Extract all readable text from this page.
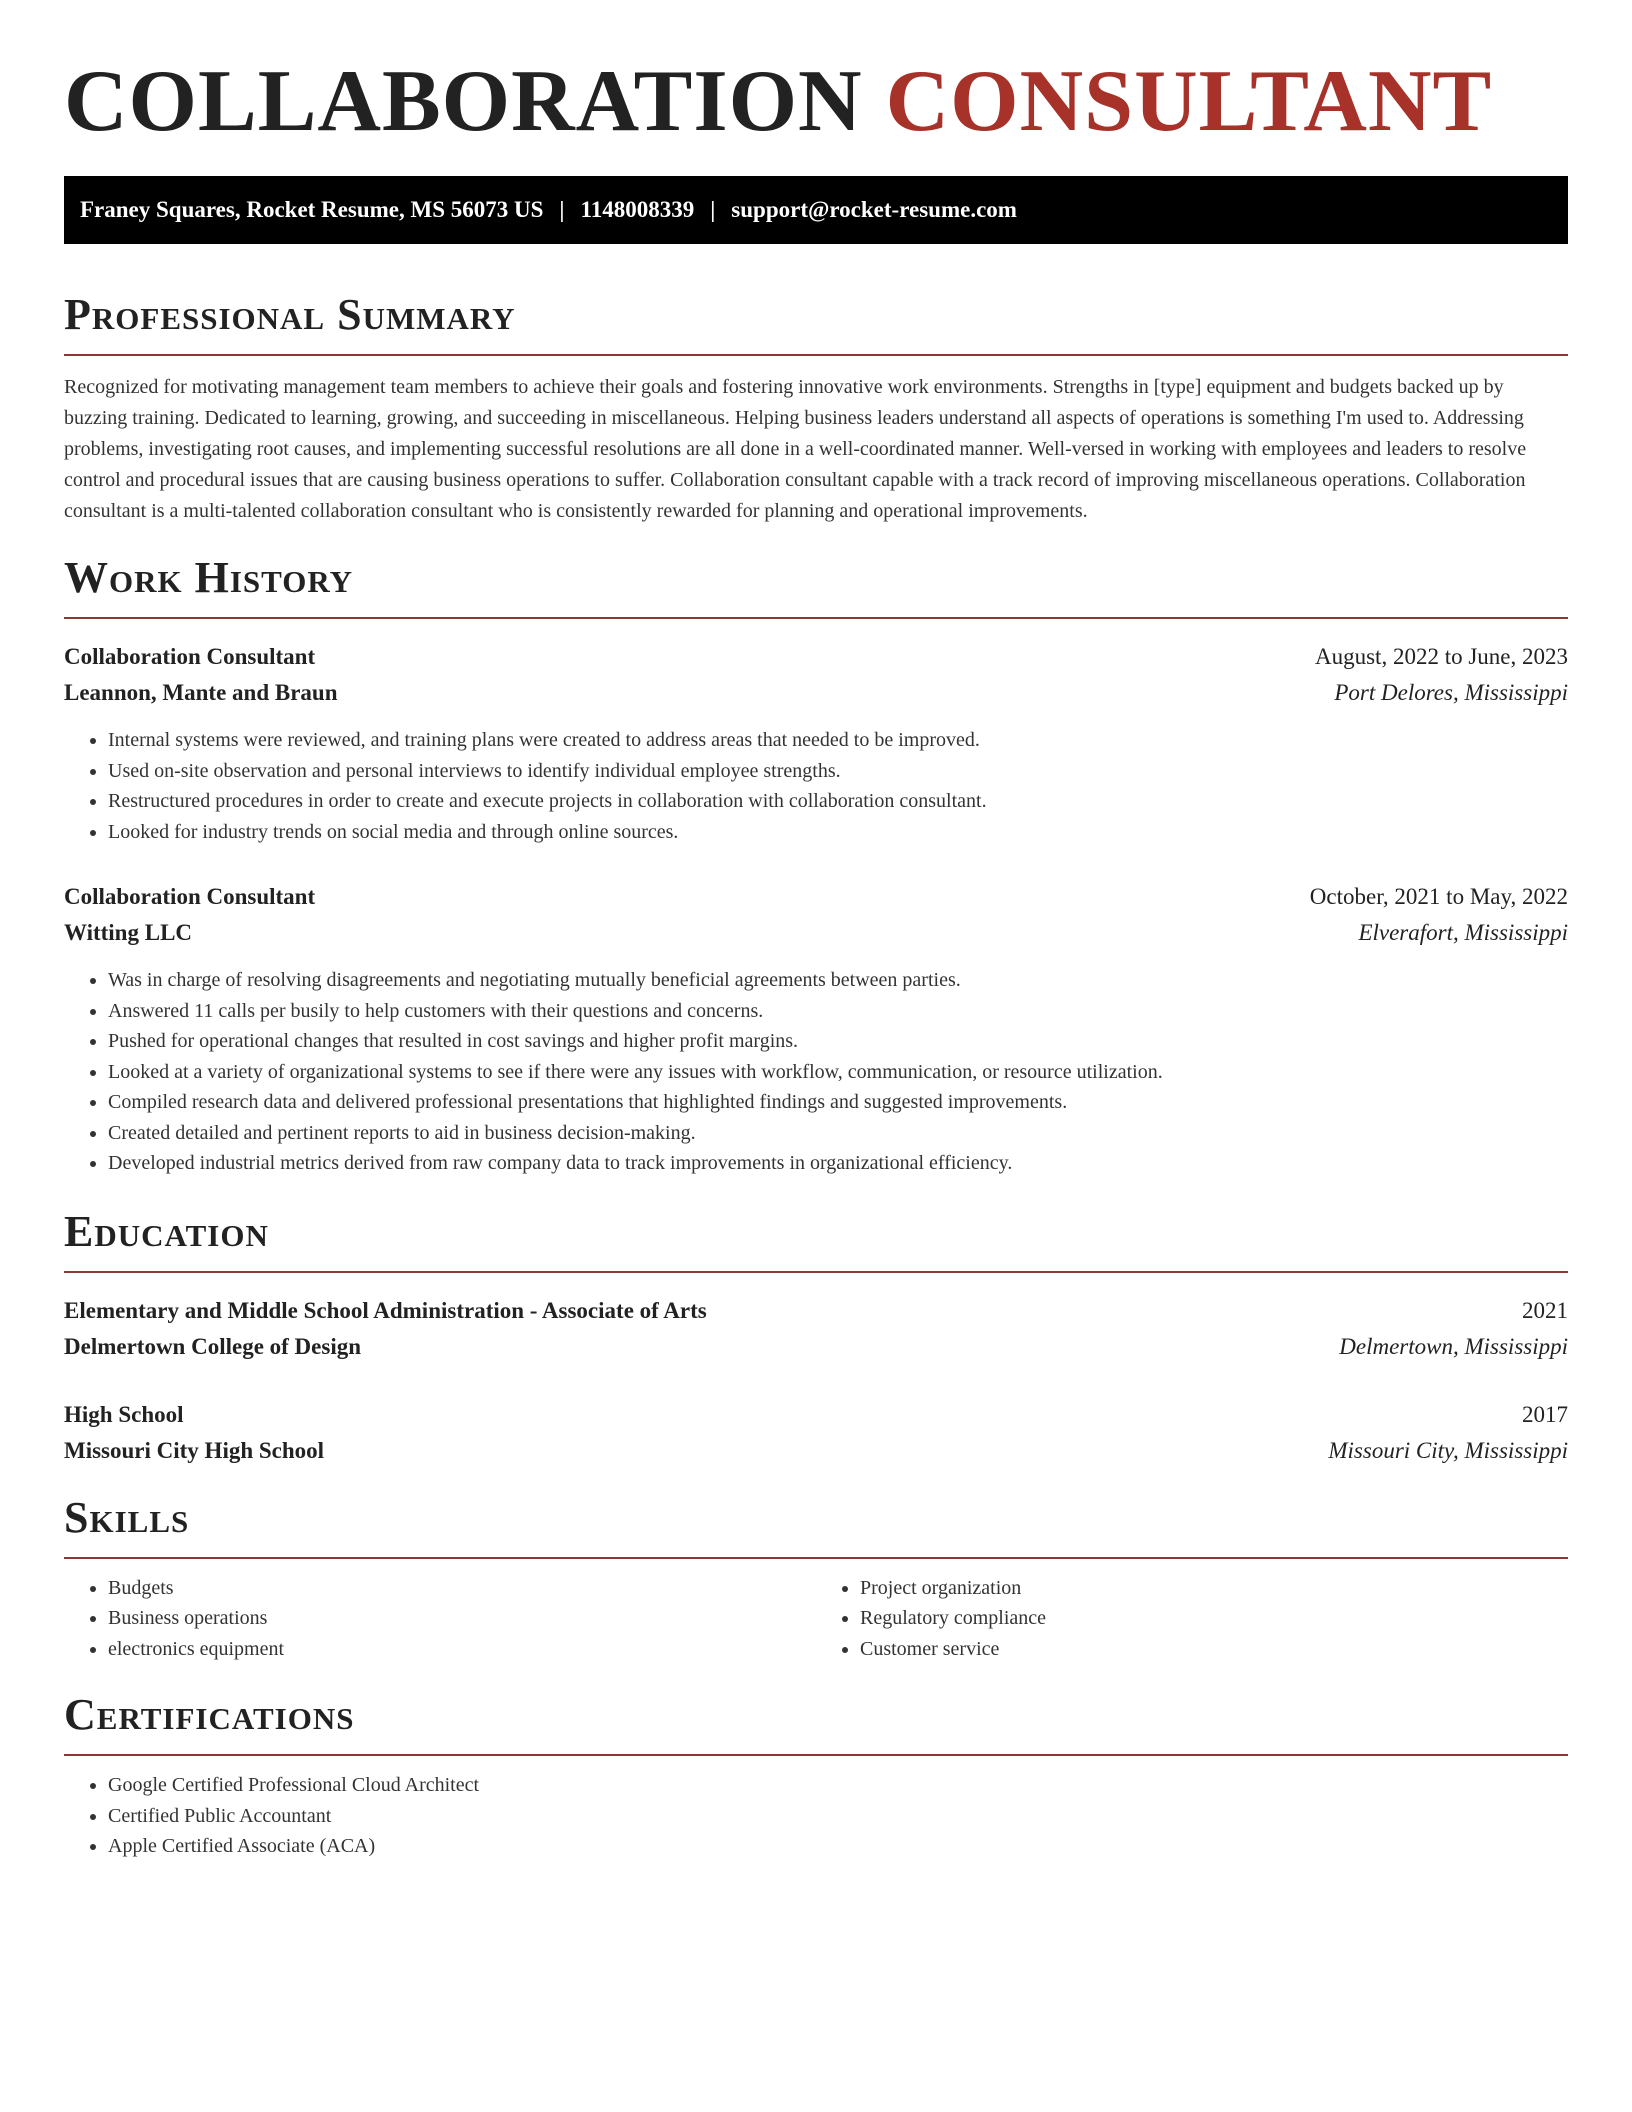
COLLABORATION CONSULTANT
Franey Squares, Rocket Resume, MS 56073 US | 1148008339 | support@rocket-resume.com
Professional Summary

Recognized for motivating management team members to achieve their goals and fostering innovative work environments. Strengths in [type] equipment and budgets backed up by buzzing training. Dedicated to learning, growing, and succeeding in miscellaneous. Helping business leaders understand all aspects of operations is something I'm used to. Addressing problems, investigating root causes, and implementing successful resolutions are all done in a well-coordinated manner. Well-versed in working with employees and leaders to resolve control and procedural issues that are causing business operations to suffer. Collaboration consultant capable with a track record of improving miscellaneous operations. Collaboration consultant is a multi-talented collaboration consultant who is consistently rewarded for planning and operational improvements.

Work History
Collaboration Consultant	August, 2022 to June, 2023
Leannon, Mante and Braun	Port Delores, Mississippi
• Internal systems were reviewed, and training plans were created to address areas that needed to be improved.
• Used on-site observation and personal interviews to identify individual employee strengths.
• Restructured procedures in order to create and execute projects in collaboration with collaboration consultant.
• Looked for industry trends on social media and through online sources.
Collaboration Consultant	October, 2021 to May, 2022
Witting LLC	Elverafort, Mississippi
• Was in charge of resolving disagreements and negotiating mutually beneficial agreements between parties.
• Answered 11 calls per busily to help customers with their questions and concerns.
• Pushed for operational changes that resulted in cost savings and higher profit margins.
• Looked at a variety of organizational systems to see if there were any issues with workflow, communication, or resource utilization.
• Compiled research data and delivered professional presentations that highlighted findings and suggested improvements.
• Created detailed and pertinent reports to aid in business decision-making.
• Developed industrial metrics derived from raw company data to track improvements in organizational efficiency.
Education
Elementary and Middle School Administration - Associate of Arts	2021
Delmertown College of Design	Delmertown, Mississippi
High School	2017
Missouri City High School	Missouri City, Mississippi
Skills
• Budgets
• Business operations
• electronics equipment
• Project organization
• Regulatory compliance
• Customer service
Certifications
• Google Certified Professional Cloud Architect
• Certified Public Accountant
• Apple Certified Associate (ACA)
